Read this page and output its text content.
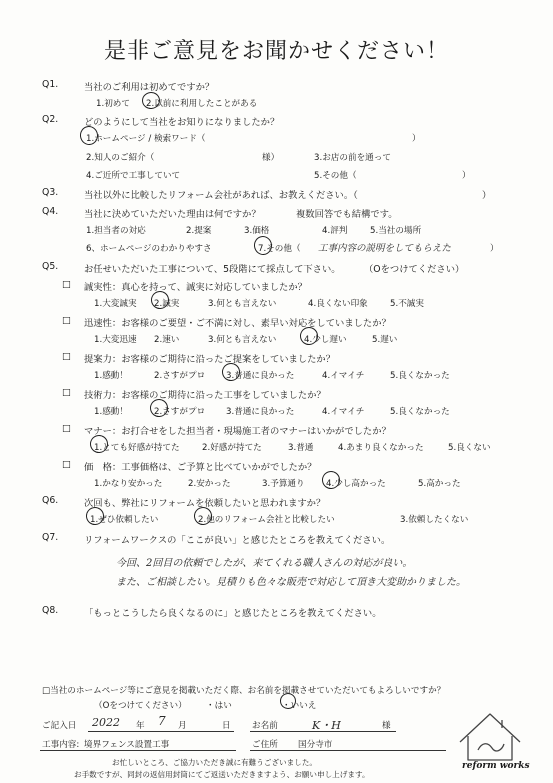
是非ご意見をお聞かせください！
Q1.	当社のご利用は初めてですか？
1.初めて 2.以前に利用したことがある
Q2.	どのようにして当社をお知りになりましたか？
1.ホームページ / 検索ワード（	）
2.知人のご紹介（	様）	3.お店の前を通って
4.ご近所で工事していて	5.その他（	）
Q3.	当社以外に比較したリフォーム会社があれば、お教えください。（	）
Q4.	当社に決めていただいた理由は何ですか？	複数回答でも結構です。
1.担当者の対応	2.提案	3.価格	4.評判	5.当社の場所
6、ホームページのわかりやすさ	7.その他（ 工事内容の説明をしてもらえた	）
Q5.	お任せいただいた工事について、5段階にて採点して下さい。	（Oをつけてください）
□ 誠実性：真心を持って、誠実に対応していましたか？
1.大変誠実 2.誠実	3.何とも言えない	4.良くない印象	5.不誠実
□ 迅速性：お客様のご要望・ご不満に対し、素早い対応をしていましたか？
1.大変迅速 2.速い	3.何とも言えない	4.少し遅い	5.遅い
□ 提案力：お客様のご期待に沿ったご提案をしていましたか？
1.感動！	2.さすがプロ 3.普通に良かった	4.イマイチ	5.良くなかった
□ 技術力：お客様のご期待に沿った工事をしていましたか？
1.感動！	2.さすがプロ 3.普通に良かった	4.イマイチ	5.良くなかった
□ マナー：お打合せをした担当者・現場施工者のマナーはいかがでしたか？
1.とても好感が持てた	2.好感が持てた	3.普通	4.あまり良くなかった	5.良くない
□ 価　格：工事価格は、ご予算と比べていかがでしたか？
1.かなり安かった	2.安かった	3.予算通り 4.少し高かった	5.高かった
Q6.	次回も、弊社にリフォームを依頼したいと思われますか？
1.ぜひ依頼したい	2.他のリフォーム会社と比較したい	3.依頼したくない
Q7.	リフォームワークスの「ここが良い」と感じたところを教えてください。
今回、2回目の依頼でしたが、来てくれる職人さんの対応が良い。
また、ご相談したい。見積りも色々な販売で対応して頂き大変助かりました。
Q8.	「もっとこうしたら良くなるのに」と感じたところを教えてください。
□当社のホームページ等にご意見を掲載いただく際、お名前を掲載させていただいてもよろしいですか？
（Oをつけてください） ・はい	・いいえ
ご記入日 2022 年 7 月	日 お名前	K・H	様
工事内容: 境界フェンス設置工事	ご住所 国分寺市
お忙しいところ、ご協力いただき誠に有難うございました。
お手数ですが、同封の返信用封筒にてご返送いただきますよう、お願い申し上げます。
reform works
